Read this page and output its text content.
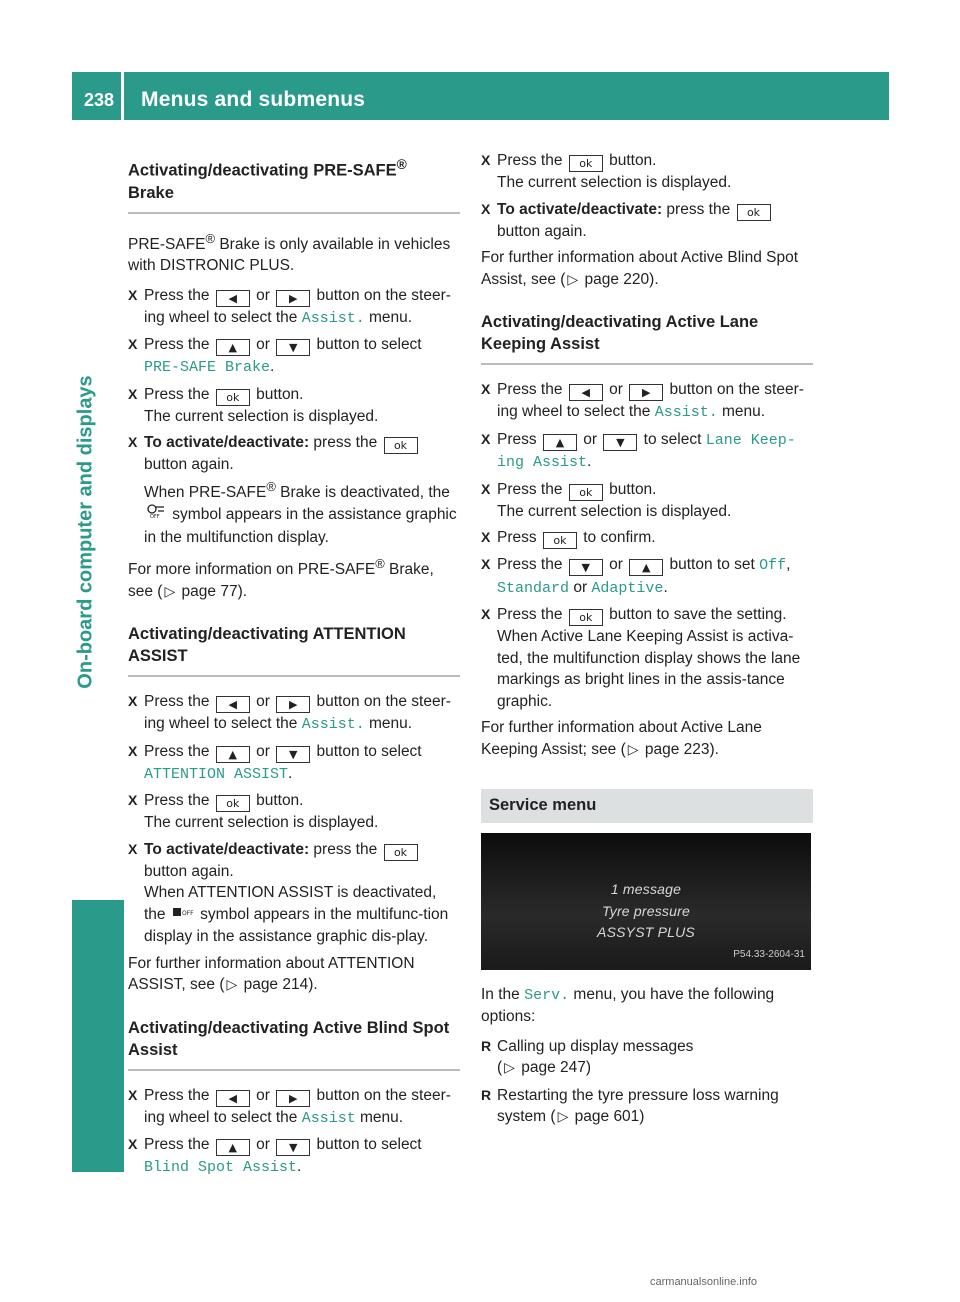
238 Menus and submenus
On-board computer and displays
Activating/deactivating PRE-SAFE®
Brake
PRE-SAFE® Brake is only available in vehicles with DISTRONIC PLUS.
X Press the ◀ or ▶ button on the steer-ing wheel to select the Assist. menu.
X Press the ▲ or ▼ button to select PRE-SAFE Brake.
X Press the ok button.
The current selection is displayed.
X To activate/deactivate: press the ok
button again.
When PRE-SAFE® Brake is deactivated, the
OFF symbol appears in the assistance graphic in the multifunction display.
For more information on PRE-SAFE® Brake, see ( ▷ page 77).
Activating/deactivating ATTENTION ASSIST
X Press the ◀ or ▶ button on the steer-ing wheel to select the Assist. menu.
X Press the ▲ or ▼ button to select ATTENTION ASSIST.
X Press the ok button.
The current selection is displayed.
X To activate/deactivate: press the ok
button again.
When ATTENTION ASSIST is deactivated, the OFF symbol appears in the multifunc-tion display in the assistance graphic dis-play.
For further information about ATTENTION ASSIST, see ( ▷ page 214).
Activating/deactivating Active Blind Spot Assist
X Press the ◀ or ▶ button on the steer-ing wheel to select the Assist menu.
X Press the ▲ or ▼ button to select Blind Spot Assist.
X Press the ok button.
The current selection is displayed.
X To activate/deactivate: press the ok
button again.
For further information about Active Blind Spot Assist, see ( ▷ page 220).
Activating/deactivating Active Lane Keeping Assist
X Press the ◀ or ▶ button on the steer-ing wheel to select the Assist. menu.
X Press ▲ or ▼ to select Lane Keep-ing Assist.
X Press the ok button.
The current selection is displayed.
X Press ok to confirm.
X Press the ▼ or ▲ button to set Off, Standard or Adaptive.
X Press the ok button to save the setting.
When Active Lane Keeping Assist is activa-ted, the multifunction display shows the lane markings as bright lines in the assis-tance graphic.
For further information about Active Lane Keeping Assist; see ( ▷ page 223).
Service menu
1 message
Tyre pressure
ASSYST PLUS
P54.33-2604-31
In the Serv. menu, you have the following options:
R Calling up display messages
( ▷ page 247)
R Restarting the tyre pressure loss warning system ( ▷ page 601)
carmanualsonline.info
